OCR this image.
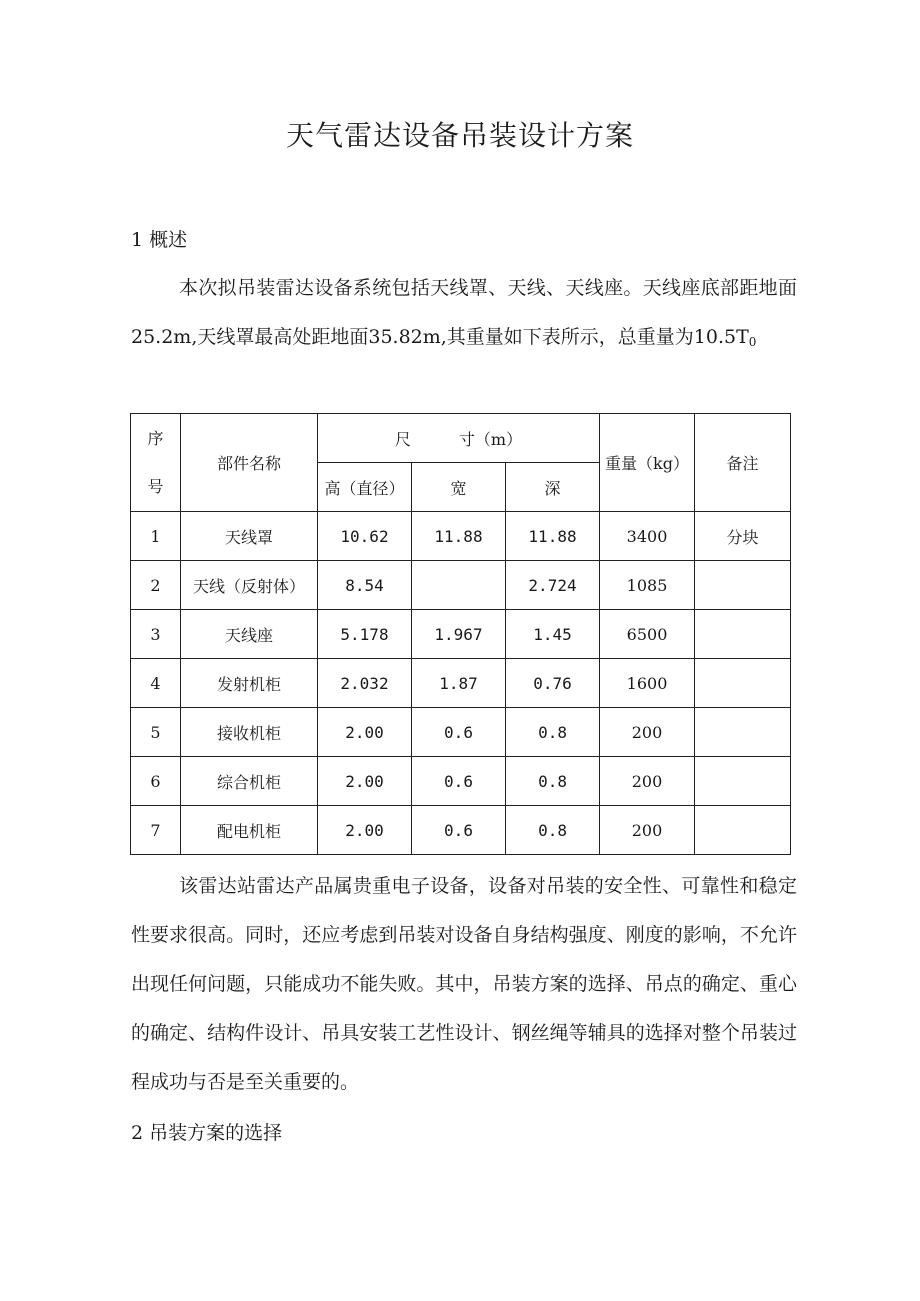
天气雷达设备吊装设计方案

1 概述

本次拟吊装雷达设备系统包括天线罩、天线、天线座。天线座底部距地面25.2m,天线罩最高处距地面35.82m,其重量如下表所示，总重量为$10.5T_0$

序
号	部件名称	尺　　　寸（m）			重量（kg）	备注
		高（直径）	宽	深		
1	天线罩	10.62	11.88	11.88	3400	分块
2	天线（反射体）	8.54		2.724	1085	
3	天线座	5.178	1.967	1.45	6500	
4	发射机柜	2.032	1.87	0.76	1600	
5	接收机柜	2.00	0.6	0.8	200	
6	综合机柜	2.00	0.6	0.8	200	
7	配电机柜	2.00	0.6	0.8	200	

该雷达站雷达产品属贵重电子设备，设备对吊装的安全性、可靠性和稳定性要求很高。同时，还应考虑到吊装对设备自身结构强度、刚度的影响，不允许出现任何问题，只能成功不能失败。其中，吊装方案的选择、吊点的确定、重心的确定、结构件设计、吊具安装工艺性设计、钢丝绳等辅具的选择对整个吊装过程成功与否是至关重要的。

2 吊装方案的选择
